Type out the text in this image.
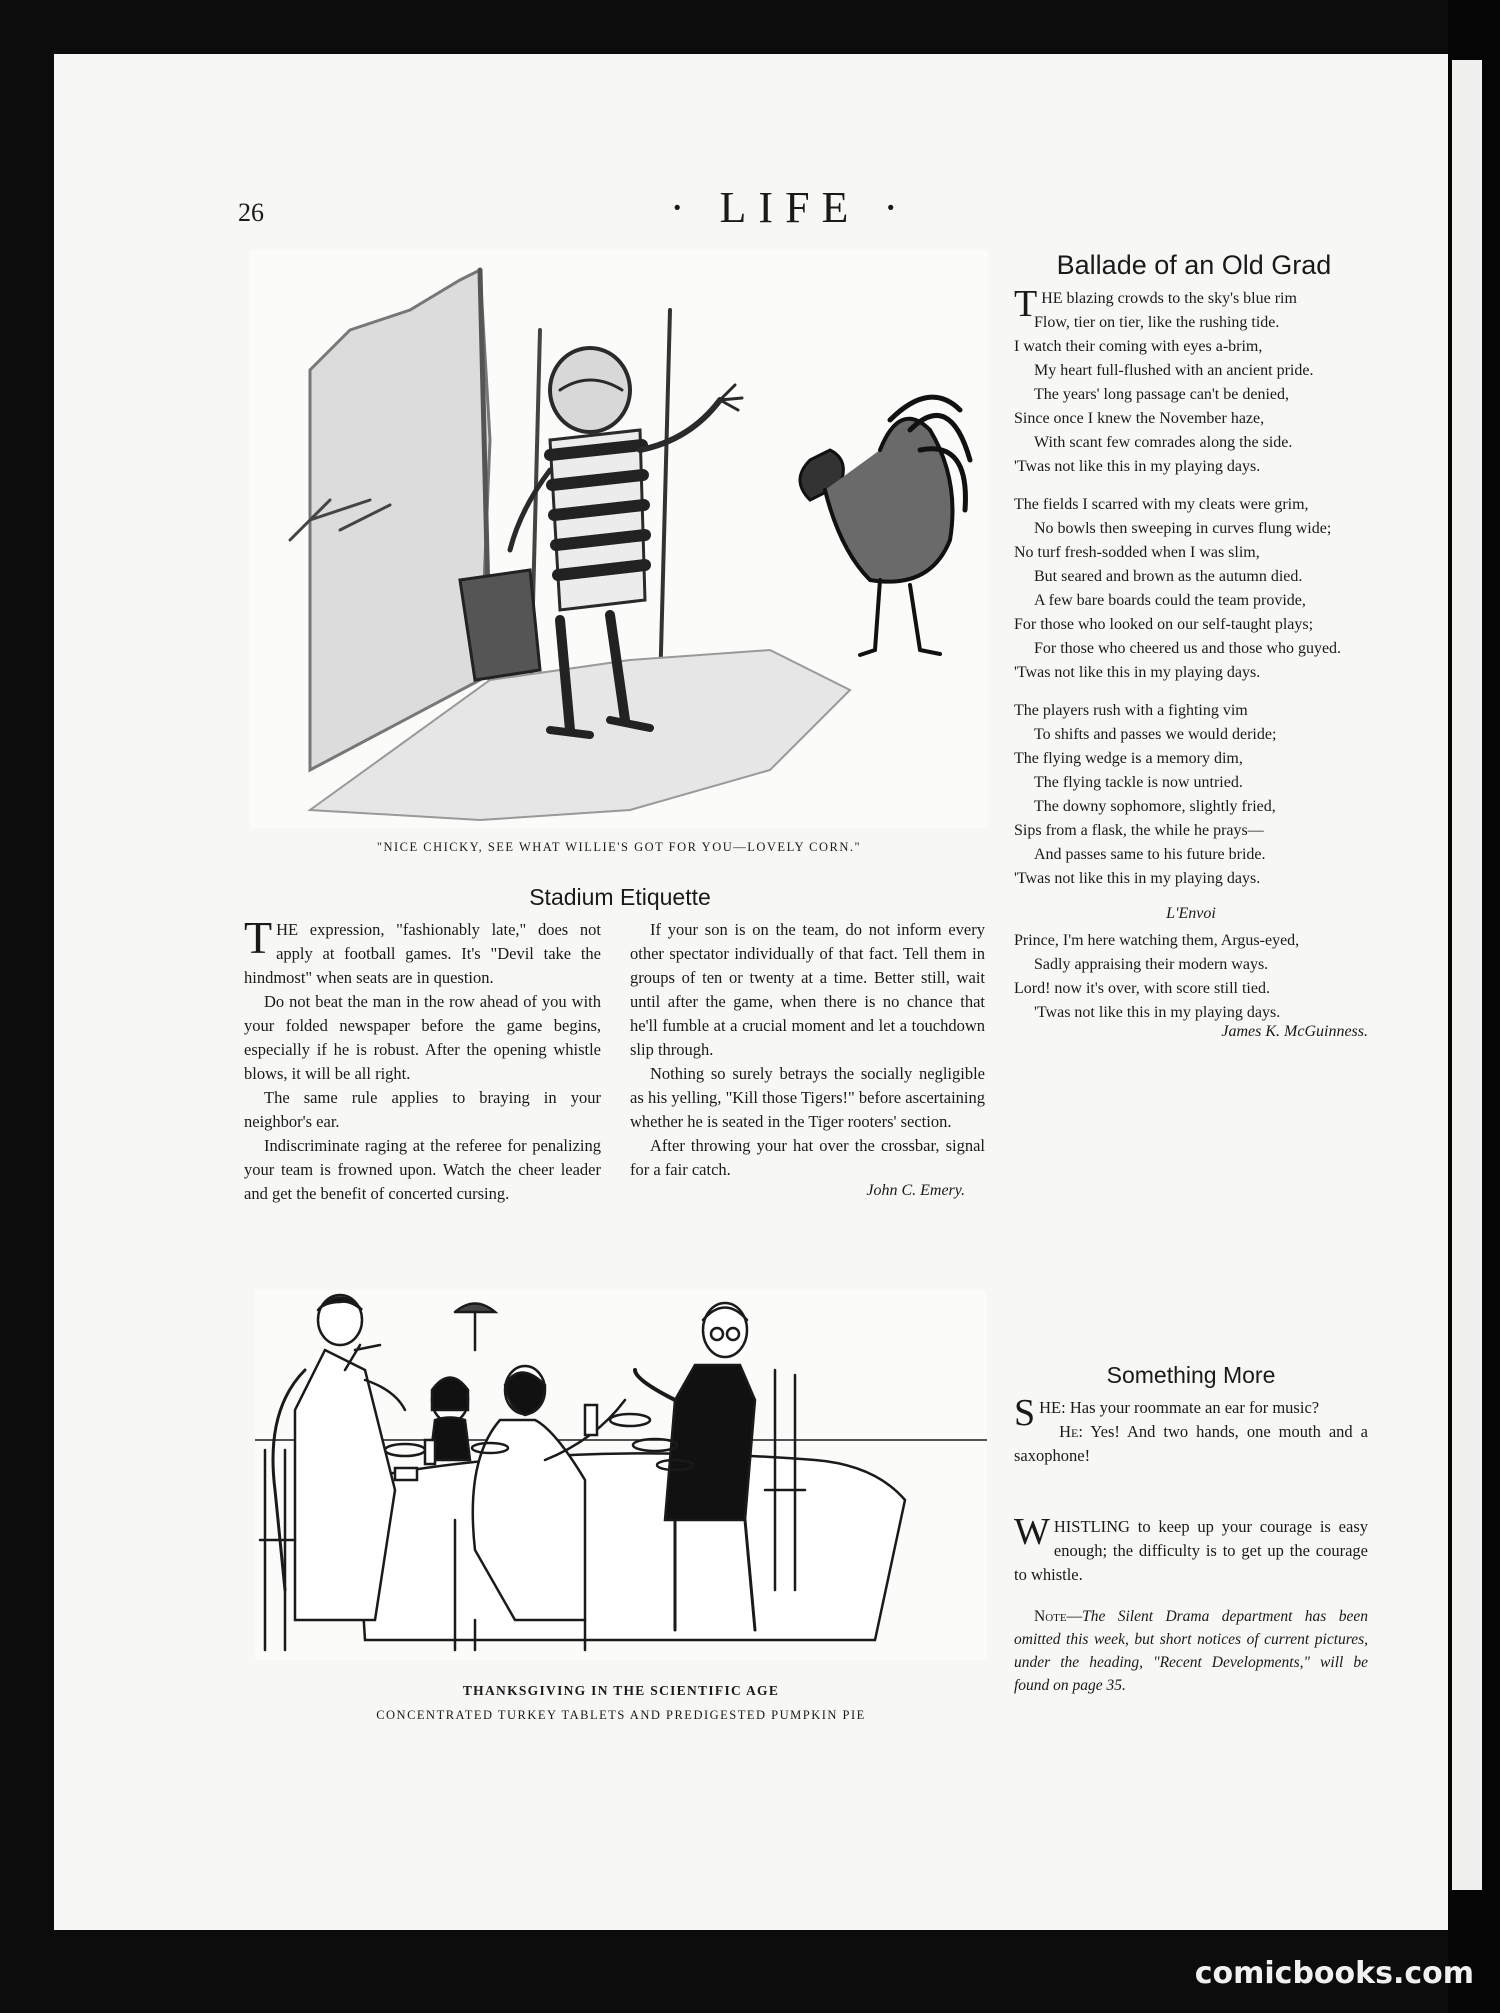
26	· LIFE ·
"NICE CHICKY, SEE WHAT WILLIE'S GOT FOR YOU—LOVELY CORN."
Stadium Etiquette

THE expression, "fashionably late," does not apply at football games. It's "Devil take the hindmost" when seats are in question.

Do not beat the man in the row ahead of you with your folded newspaper before the game begins, especially if he is robust. After the opening whistle blows, it will be all right.

The same rule applies to braying in your neighbor's ear.

Indiscriminate raging at the referee for penalizing your team is frowned upon. Watch the cheer leader and get the benefit of concerted cursing.

If your son is on the team, do not inform every other spectator individually of that fact. Tell them in groups of ten or twenty at a time. Better still, wait until after the game, when there is no chance that he'll fumble at a crucial moment and let a touchdown slip through.

Nothing so surely betrays the socially negligible as his yelling, "Kill those Tigers!" before ascertaining whether he is seated in the Tiger rooters' section.

After throwing your hat over the crossbar, signal for a fair catch.

John C. Emery.
THANKSGIVING IN THE SCIENTIFIC AGE
CONCENTRATED TURKEY TABLETS AND PREDIGESTED PUMPKIN PIE
Ballade of an Old Grad
THE blazing crowds to the sky's blue rim
Flow, tier on tier, like the rushing tide.
I watch their coming with eyes a-brim,
My heart full-flushed with an ancient pride.
The years' long passage can't be denied,
Since once I knew the November haze,
With scant few comrades along the side.
'Twas not like this in my playing days.
The fields I scarred with my cleats were grim,
No bowls then sweeping in curves flung wide;
No turf fresh-sodded when I was slim,
But seared and brown as the autumn died.
A few bare boards could the team provide,
For those who looked on our self-taught plays;
For those who cheered us and those who guyed.
'Twas not like this in my playing days.
The players rush with a fighting vim
To shifts and passes we would deride;
The flying wedge is a memory dim,
The flying tackle is now untried.
The downy sophomore, slightly fried,
Sips from a flask, the while he prays—
And passes same to his future bride.
'Twas not like this in my playing days.
L'Envoi
Prince, I'm here watching them, Argus-eyed,
Sadly appraising their modern ways.
Lord! now it's over, with score still tied.
'Twas not like this in my playing days.
James K. McGuinness.
Something More

SHE: Has your roommate an ear for music?

He: Yes! And two hands, one mouth and a saxophone!

WHISTLING to keep up your courage is easy enough; the difficulty is to get up the courage to whistle.

Note—The Silent Drama department has been omitted this week, but short notices of current pictures, under the heading, "Recent Developments," will be found on page 35.

comicbooks.com
